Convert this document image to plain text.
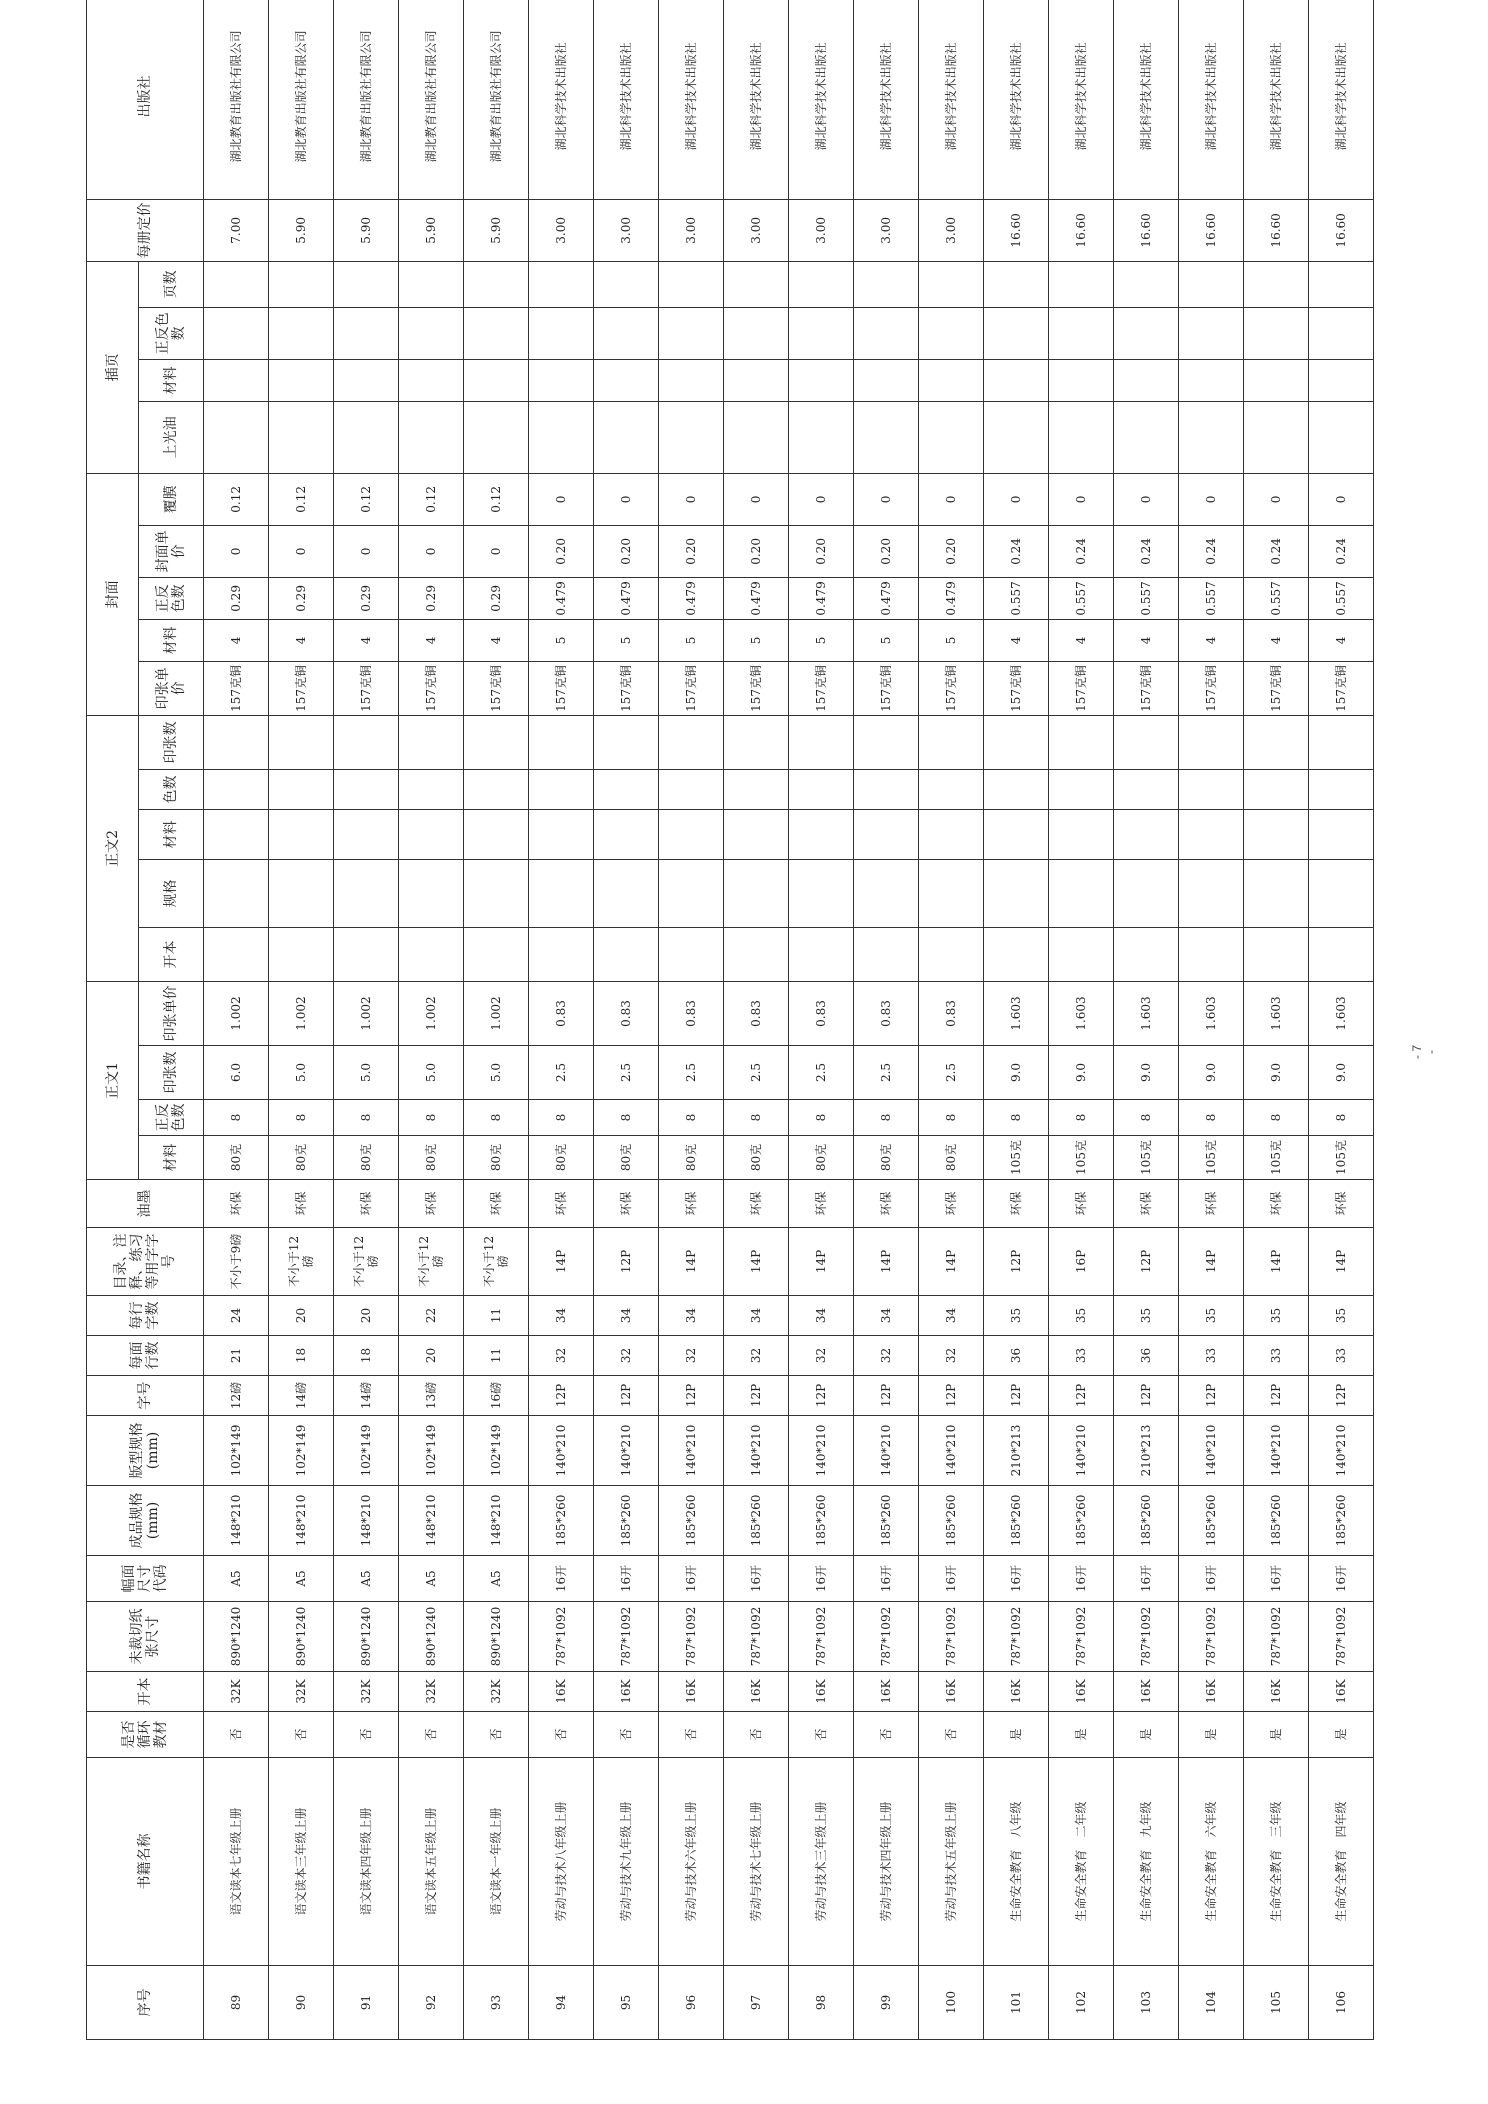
序号	书籍名称	是否循环教材	开本	未裁切纸张尺寸	幅面尺寸代码	成品规格(mm)	版型规格(mm)	字号	每面行数	每行字数	目录、注释、练习等用字字号	油墨	正文1				正文2					封面					插页				每册定价	出版社	
													材料	正反色数	印张数	印张单价	开本	规格	材料	色数	印张数	印张单价	材料	正反色数	封面单价	覆膜	上光油	材料	正反色数	页数	
89	语文读本七年级上册	否	32K	890*1240	A5	148*210	102*149	12磅	21	24	不小于9磅	环保	80克	8	6.0	1.002						157克铜	4	0.29	0	0.12					7.00	湖北教育出版社有限公司	
90	语文读本三年级上册	否	32K	890*1240	A5	148*210	102*149	14磅	18	20	不小于12磅	环保	80克	8	5.0	1.002						157克铜	4	0.29	0	0.12					5.90	湖北教育出版社有限公司	
91	语文读本四年级上册	否	32K	890*1240	A5	148*210	102*149	14磅	18	20	不小于12磅	环保	80克	8	5.0	1.002						157克铜	4	0.29	0	0.12					5.90	湖北教育出版社有限公司	
92	语文读本五年级上册	否	32K	890*1240	A5	148*210	102*149	13磅	20	22	不小于12磅	环保	80克	8	5.0	1.002						157克铜	4	0.29	0	0.12					5.90	湖北教育出版社有限公司	
93	语文读本一年级上册	否	32K	890*1240	A5	148*210	102*149	16磅	11	11	不小于12磅	环保	80克	8	5.0	1.002						157克铜	4	0.29	0	0.12					5.90	湖北教育出版社有限公司	
94	劳动与技术八年级上册	否	16K	787*1092	16开	185*260	140*210	12P	32	34	14P	环保	80克	8	2.5	0.83						157克铜	5	0.479	0.20	0					3.00	湖北科学技术出版社	
95	劳动与技术九年级上册	否	16K	787*1092	16开	185*260	140*210	12P	32	34	12P	环保	80克	8	2.5	0.83						157克铜	5	0.479	0.20	0					3.00	湖北科学技术出版社	
96	劳动与技术六年级上册	否	16K	787*1092	16开	185*260	140*210	12P	32	34	14P	环保	80克	8	2.5	0.83						157克铜	5	0.479	0.20	0					3.00	湖北科学技术出版社	
97	劳动与技术七年级上册	否	16K	787*1092	16开	185*260	140*210	12P	32	34	14P	环保	80克	8	2.5	0.83						157克铜	5	0.479	0.20	0					3.00	湖北科学技术出版社	
98	劳动与技术三年级上册	否	16K	787*1092	16开	185*260	140*210	12P	32	34	14P	环保	80克	8	2.5	0.83						157克铜	5	0.479	0.20	0					3.00	湖北科学技术出版社	
99	劳动与技术四年级上册	否	16K	787*1092	16开	185*260	140*210	12P	32	34	14P	环保	80克	8	2.5	0.83						157克铜	5	0.479	0.20	0					3.00	湖北科学技术出版社	
100	劳动与技术五年级上册	否	16K	787*1092	16开	185*260	140*210	12P	32	34	14P	环保	80克	8	2.5	0.83						157克铜	5	0.479	0.20	0					3.00	湖北科学技术出版社	
101	生命安全教育　八年级	是	16K	787*1092	16开	185*260	210*213	12P	36	35	12P	环保	105克	8	9.0	1.603						157克铜	4	0.557	0.24	0					16.60	湖北科学技术出版社	
102	生命安全教育　二年级	是	16K	787*1092	16开	185*260	140*210	12P	33	35	16P	环保	105克	8	9.0	1.603						157克铜	4	0.557	0.24	0					16.60	湖北科学技术出版社	
103	生命安全教育　九年级	是	16K	787*1092	16开	185*260	210*213	12P	36	35	12P	环保	105克	8	9.0	1.603						157克铜	4	0.557	0.24	0					16.60	湖北科学技术出版社	
104	生命安全教育　六年级	是	16K	787*1092	16开	185*260	140*210	12P	33	35	14P	环保	105克	8	9.0	1.603						157克铜	4	0.557	0.24	0					16.60	湖北科学技术出版社	
105	生命安全教育　三年级	是	16K	787*1092	16开	185*260	140*210	12P	33	35	14P	环保	105克	8	9.0	1.603						157克铜	4	0.557	0.24	0					16.60	湖北科学技术出版社	
106	生命安全教育　四年级	是	16K	787*1092	16开	185*260	140*210	12P	33	35	14P	环保	105克	8	9.0	1.603						157克铜	4	0.557	0.24	0					16.60	湖北科学技术出版社	
- 7 -
